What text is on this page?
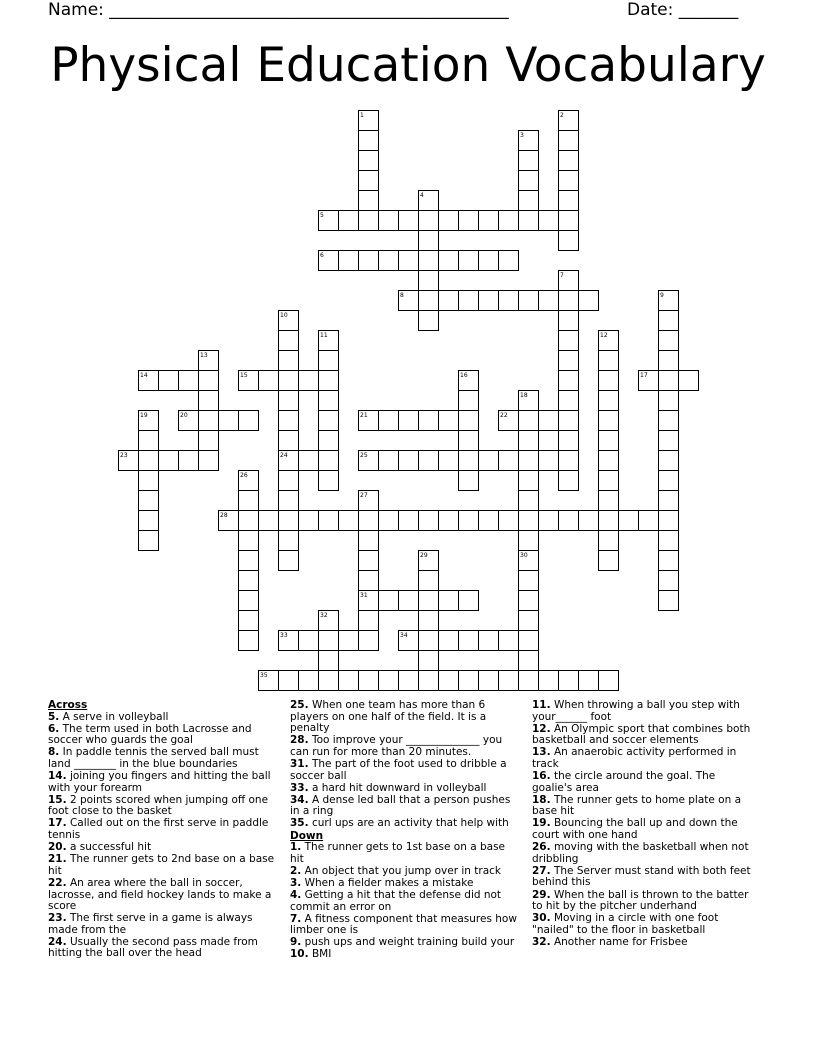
Name: _______________________________________________	Date: _______
Physical Education Vocabulary
1	2
3
4
5
6
7
8	9
10
11	12
13
14	15	16	17
18
19	20	21	22
23	24	25
26
27
28
29	30
31
32
33	34
35
Across
5. A serve in volleyball
6. The term used in both Lacrosse and soccer who guards the goal
8. In paddle tennis the served ball must land ________ in the blue boundaries
14. joining you fingers and hitting the ball with your forearm
15. 2 points scored when jumping off one foot close to the basket
17. Called out on the first serve in paddle tennis
20. a successful hit
21. The runner gets to 2nd base on a base hit
22. An area where the ball in soccer, lacrosse, and field hockey lands to make a score
23. The first serve in a game is always made from the
24. Usually the second pass made from hitting the ball over the head
25. When one team has more than 6 players on one half of the field. It is a penalty
28. Too improve your ______________ you can run for more than 20 minutes.
31. The part of the foot used to dribble a soccer ball
33. a hard hit downward in volleyball
34. A dense led ball that a person pushes in a ring
35. curl ups are an activity that help with
Down
1. The runner gets to 1st base on a base hit
2. An object that you jump over in track
3. When a fielder makes a mistake
4. Getting a hit that the defense did not commit an error on
7. A fitness component that measures how limber one is
9. push ups and weight training build your
10. BMI
11. When throwing a ball you step with your______ foot
12. An Olympic sport that combines both basketball and soccer elements
13. An anaerobic activity performed in track
16. the circle around the goal. The goalie's area
18. The runner gets to home plate on a base hit
19. Bouncing the ball up and down the court with one hand
26. moving with the basketball when not dribbling
27. The Server must stand with both feet behind this
29. When the ball is thrown to the batter to hit by the pitcher underhand
30. Moving in a circle with one foot "nailed" to the floor in basketball
32. Another name for Frisbee
